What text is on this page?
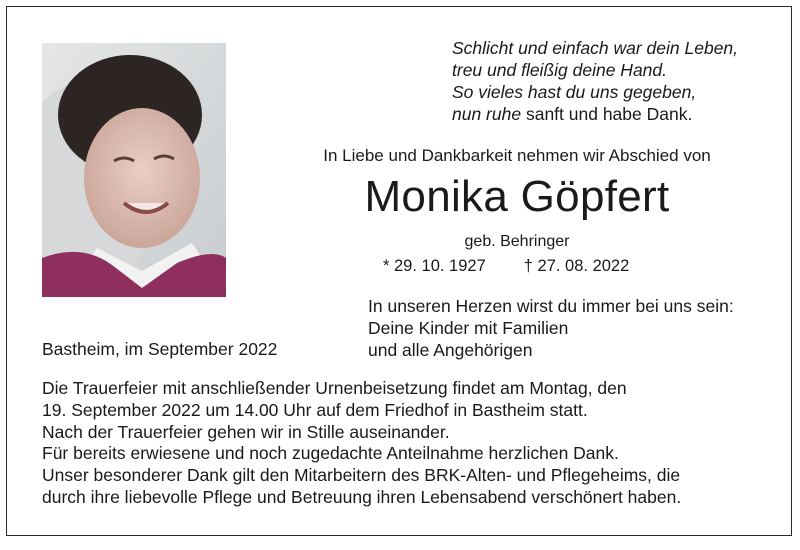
Schlicht und einfach war dein Leben,
treu und fleißig deine Hand.
So vieles hast du uns gegeben,
nun ruhe sanft und habe Dank.
In Liebe und Dankbarkeit nehmen wir Abschied von
Monika Göpfert
geb. Behringer
* 29. 10. 1927 † 27. 08. 2022
In unseren Herzen wirst du immer bei uns sein:
Deine Kinder mit Familien
und alle Angehörigen
Bastheim, im September 2022
Die Trauerfeier mit anschließender Urnenbeisetzung findet am Montag, den
19. September 2022 um 14.00 Uhr auf dem Friedhof in Bastheim statt.
Nach der Trauerfeier gehen wir in Stille auseinander.
Für bereits erwiesene und noch zugedachte Anteilnahme herzlichen Dank.
Unser besonderer Dank gilt den Mitarbeitern des BRK-Alten- und Pflegeheims, die
durch ihre liebevolle Pflege und Betreuung ihren Lebensabend verschönert haben.
